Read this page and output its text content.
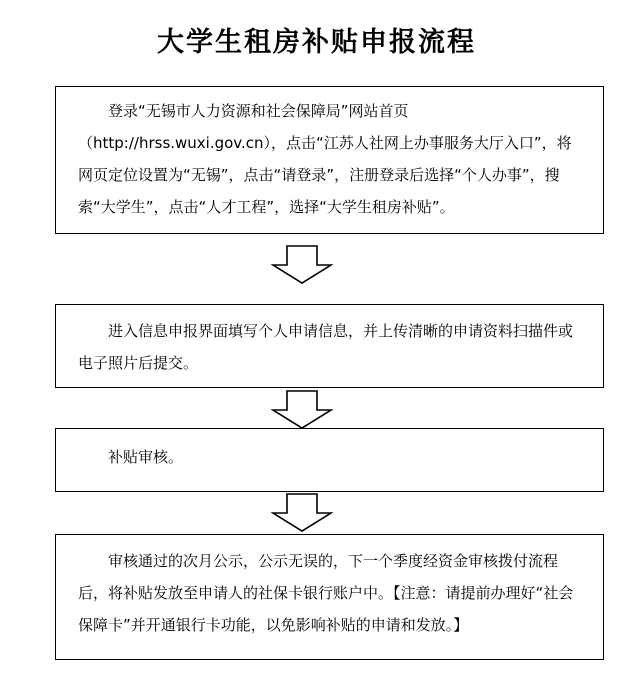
大学生租房补贴申报流程

登录“无锡市人力资源和社会保障局”网站首页（http://hrss.wuxi.gov.cn），点击“江苏人社网上办事服务大厅入口”，将网页定位设置为“无锡”，点击“请登录”，注册登录后选择“个人办事”，搜索“大学生”，点击“人才工程”，选择“大学生租房补贴”。

进入信息申报界面填写个人申请信息，并上传清晰的申请资料扫描件或电子照片后提交。

补贴审核。

审核通过的次月公示，公示无误的，下一个季度经资金审核拨付流程后，将补贴发放至申请人的社保卡银行账户中。【注意：请提前办理好“社会保障卡”并开通银行卡功能，以免影响补贴的申请和发放。】
